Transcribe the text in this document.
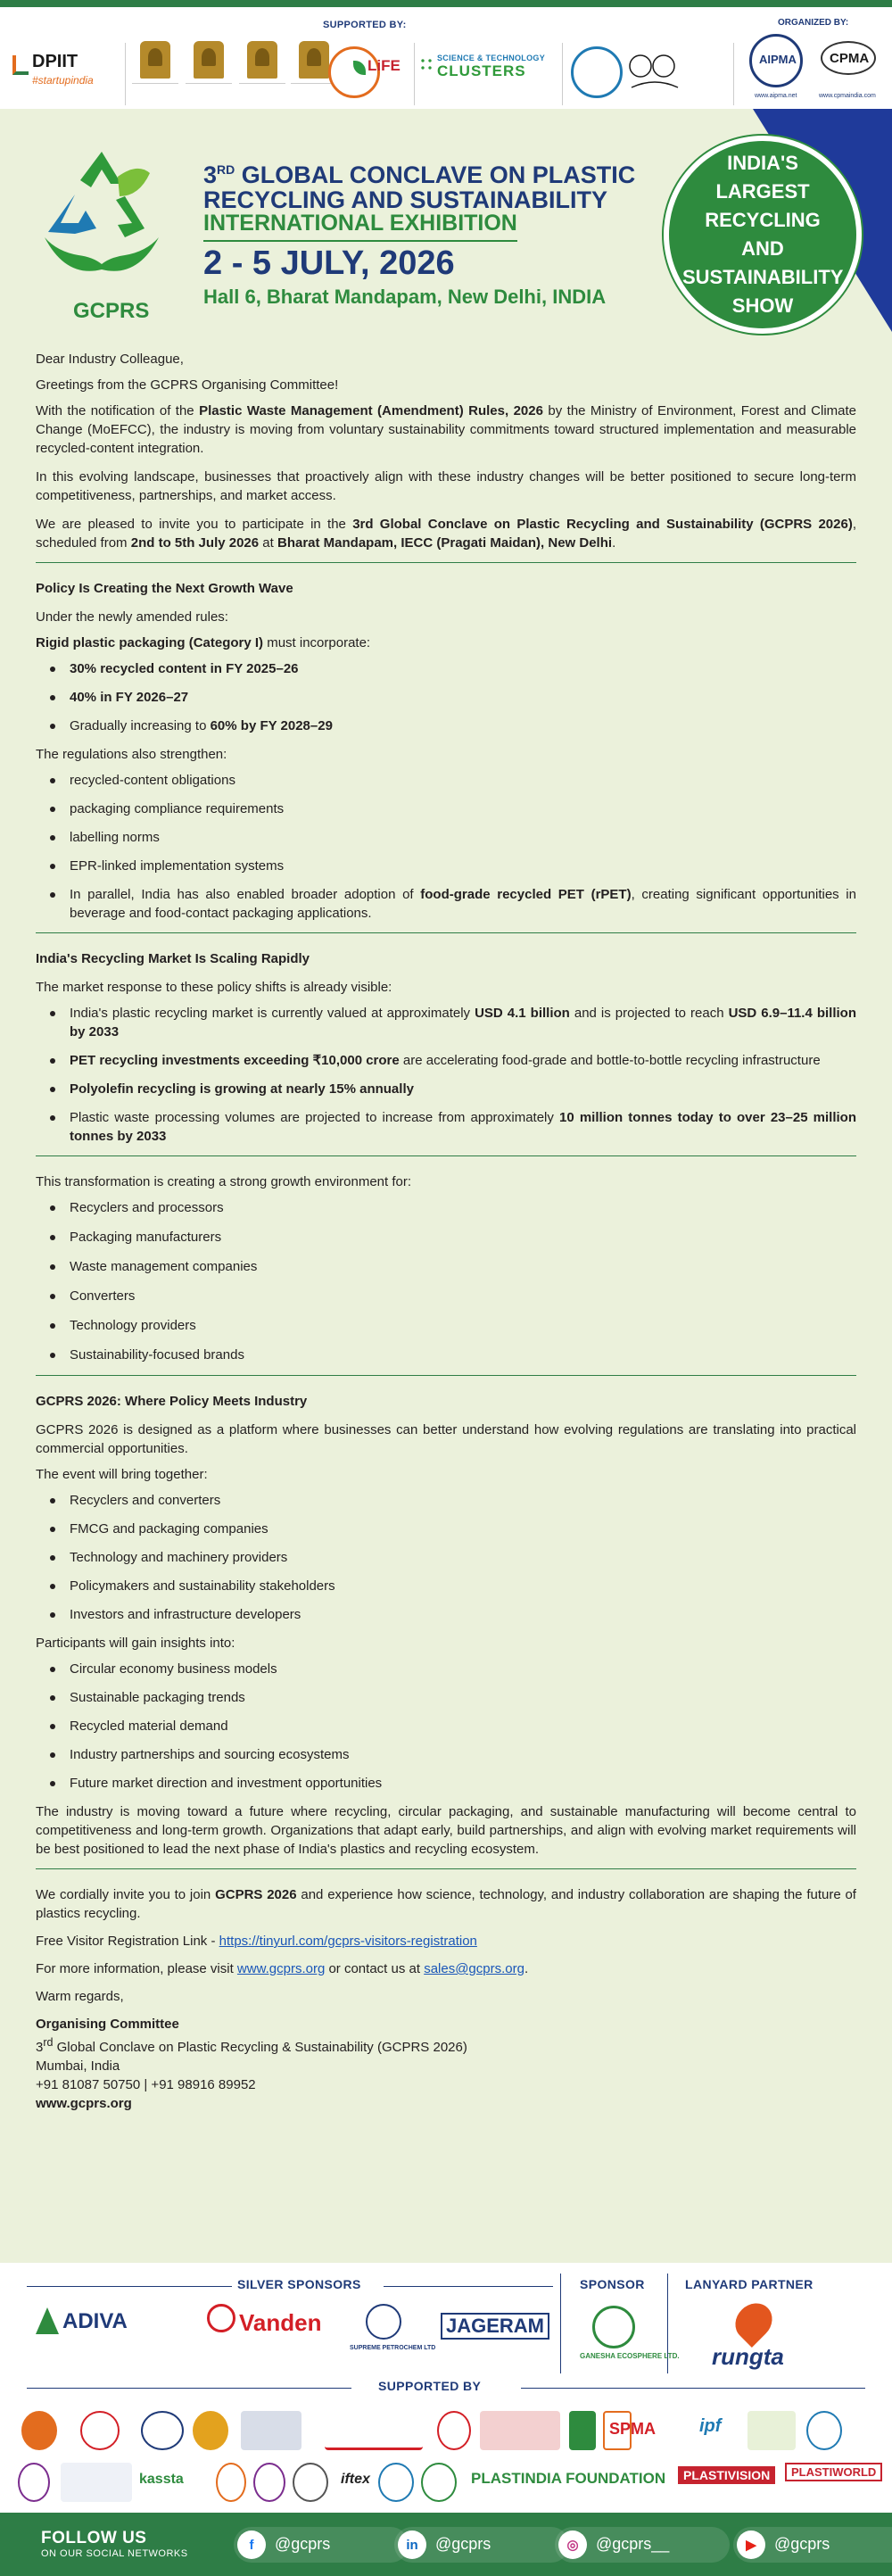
SUPPORTED BY:	ORGANIZED BY:
DPIIT
#startupindia
LiFE	SCIENCE & TECHNOLOGY
CLUSTERS
AIPMA
www.aipma.net
CPMA
www.cpmaindia.com
GCPRS
3RD GLOBAL CONCLAVE ON PLASTIC
RECYCLING AND SUSTAINABILITY
INTERNATIONAL EXHIBITION
2 - 5 JULY, 2026
Hall 6, Bharat Mandapam, New Delhi, INDIA
INDIA'S LARGEST RECYCLING AND SUSTAINABILITY SHOW

Dear Industry Colleague,

Greetings from the GCPRS Organising Committee!

With the notification of the Plastic Waste Management (Amendment) Rules, 2026 by the Ministry of Environment, Forest and Climate Change (MoEFCC), the industry is moving from voluntary sustainability commitments toward structured implementation and measurable recycled-content integration.

In this evolving landscape, businesses that proactively align with these industry changes will be better positioned to secure long-term competitiveness, partnerships, and market access.

We are pleased to invite you to participate in the 3rd Global Conclave on Plastic Recycling and Sustainability (GCPRS 2026), scheduled from 2nd to 5th July 2026 at Bharat Mandapam, IECC (Pragati Maidan), New Delhi.

Policy Is Creating the Next Growth Wave

Under the newly amended rules:

Rigid plastic packaging (Category I) must incorporate:

30% recycled content in FY 2025–26
40% in FY 2026–27
Gradually increasing to 60% by FY 2028–29

The regulations also strengthen:

recycled-content obligations
packaging compliance requirements
labelling norms
EPR-linked implementation systems
In parallel, India has also enabled broader adoption of food-grade recycled PET (rPET), creating significant opportunities in beverage and food-contact packaging applications.

India's Recycling Market Is Scaling Rapidly

The market response to these policy shifts is already visible:

India's plastic recycling market is currently valued at approximately USD 4.1 billion and is projected to reach USD 6.9–11.4 billion by 2033
PET recycling investments exceeding ₹10,000 crore are accelerating food-grade and bottle-to-bottle recycling infrastructure
Polyolefin recycling is growing at nearly 15% annually
Plastic waste processing volumes are projected to increase from approximately 10 million tonnes today to over 23–25 million tonnes by 2033

This transformation is creating a strong growth environment for:

Recyclers and processors
Packaging manufacturers
Waste management companies
Converters
Technology providers
Sustainability-focused brands

GCPRS 2026: Where Policy Meets Industry

GCPRS 2026 is designed as a platform where businesses can better understand how evolving regulations are translating into practical commercial opportunities.

The event will bring together:

Recyclers and converters
FMCG and packaging companies
Technology and machinery providers
Policymakers and sustainability stakeholders
Investors and infrastructure developers

Participants will gain insights into:

Circular economy business models
Sustainable packaging trends
Recycled material demand
Industry partnerships and sourcing ecosystems
Future market direction and investment opportunities

The industry is moving toward a future where recycling, circular packaging, and sustainable manufacturing will become central to competitiveness and long-term growth. Organizations that adapt early, build partnerships, and align with evolving market requirements will be best positioned to lead the next phase of India's plastics and recycling ecosystem.

We cordially invite you to join GCPRS 2026 and experience how science, technology, and industry collaboration are shaping the future of plastics recycling.

Free Visitor Registration Link - https://tinyurl.com/gcprs-visitors-registration

For more information, please visit www.gcprs.org or contact us at sales@gcprs.org.

Warm regards,

Organising Committee
3rd Global Conclave on Plastic Recycling & Sustainability (GCPRS 2026)
Mumbai, India
+91 81087 50750 | +91 98916 89952
www.gcprs.org

SILVER SPONSORS	SPONSOR	LANYARD PARTNER
ADIVA	Vanden
SUPREME PETROCHEM LTD
JAGERAM
GANESHA ECOSPHERE LTD. rungta
SUPPORTED BY
SPMA ipf
kassta	iftex	PLASTINDIA FOUNDATION	PLASTIVISION	PLASTIWORLD
FOLLOW US
ON OUR SOCIAL NETWORKS
f	@gcprs	in	@gcprs	◎	@gcprs__	▶	@gcprs
